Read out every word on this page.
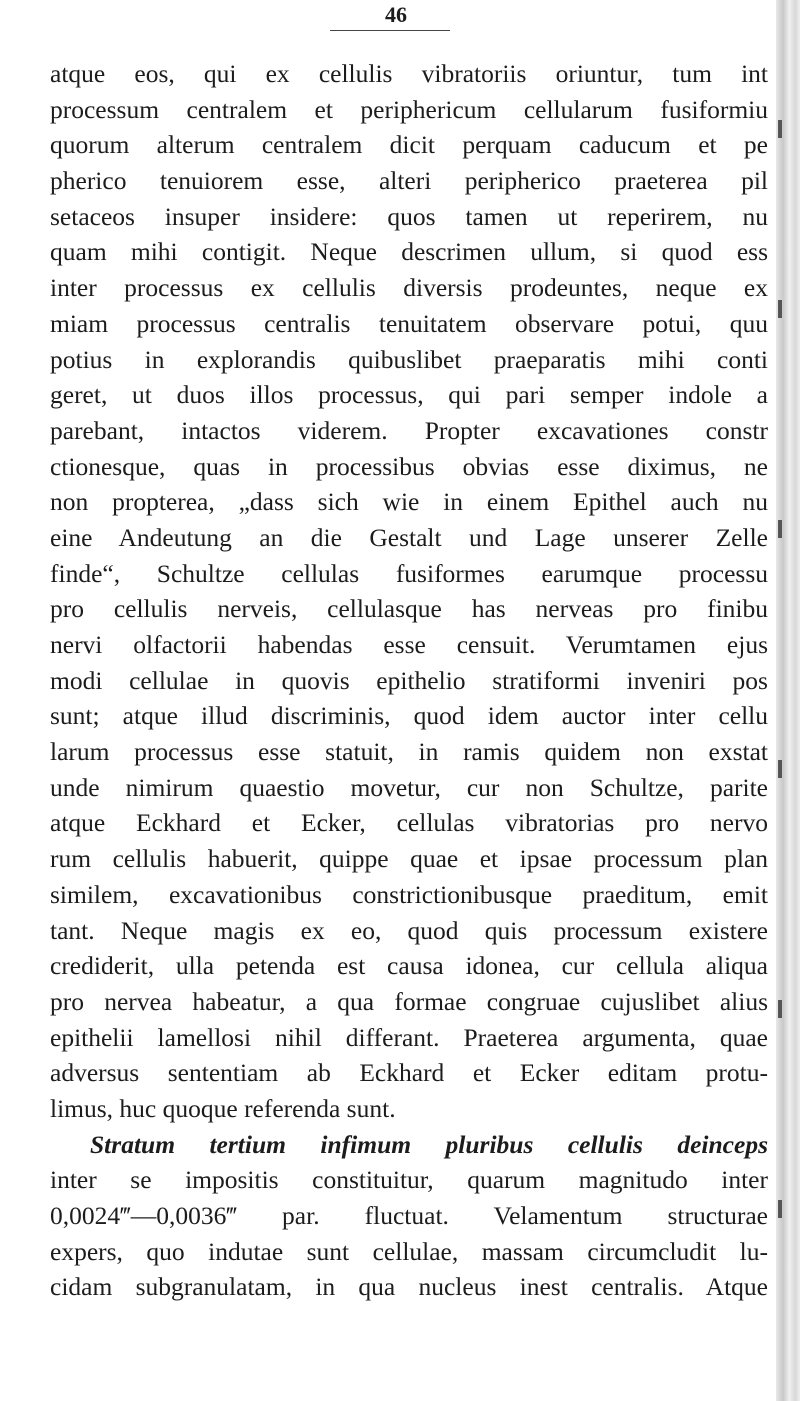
46
atque eos, qui ex cellulis vibratoriis oriuntur, tum int
processum centralem et periphericum cellularum fusiformiu
quorum alterum centralem dicit perquam caducum et pe
pherico tenuiorem esse, alteri peripherico praeterea pil
setaceos insuper insidere: quos tamen ut reperirem, nu
quam mihi contigit. Neque descrimen ullum, si quod ess
inter processus ex cellulis diversis prodeuntes, neque ex
miam processus centralis tenuitatem observare potui, quu
potius in explorandis quibuslibet praeparatis mihi conti
geret, ut duos illos processus, qui pari semper indole a
parebant, intactos viderem. Propter excavationes constr
ctionesque, quas in processibus obvias esse diximus, ne
non propterea, „dass sich wie in einem Epithel auch nu
eine Andeutung an die Gestalt und Lage unserer Zelle
finde“, Schultze cellulas fusiformes earumque processu
pro cellulis nerveis, cellulasque has nerveas pro finibu
nervi olfactorii habendas esse censuit. Verumtamen ejus
modi cellulae in quovis epithelio stratiformi inveniri pos
sunt; atque illud discriminis, quod idem auctor inter cellu
larum processus esse statuit, in ramis quidem non exstat
unde nimirum quaestio movetur, cur non Schultze, parite
atque Eckhard et Ecker, cellulas vibratorias pro nervo
rum cellulis habuerit, quippe quae et ipsae processum plan
similem, excavationibus constrictionibusque praeditum, emit
tant. Neque magis ex eo, quod quis processum existere
crediderit, ulla petenda est causa idonea, cur cellula aliqua
pro nervea habeatur, a qua formae congruae cujuslibet alius
epithelii lamellosi nihil differant. Praeterea argumenta, quae
adversus sententiam ab Eckhard et Ecker editam protu-
limus, huc quoque referenda sunt.
Stratum tertium infimum pluribus cellulis deinceps
inter se impositis constituitur, quarum magnitudo inter
0,0024‴—0,0036‴ par. fluctuat. Velamentum structurae
expers, quo indutae sunt cellulae, massam circumcludit lu-
cidam subgranulatam, in qua nucleus inest centralis. Atque
